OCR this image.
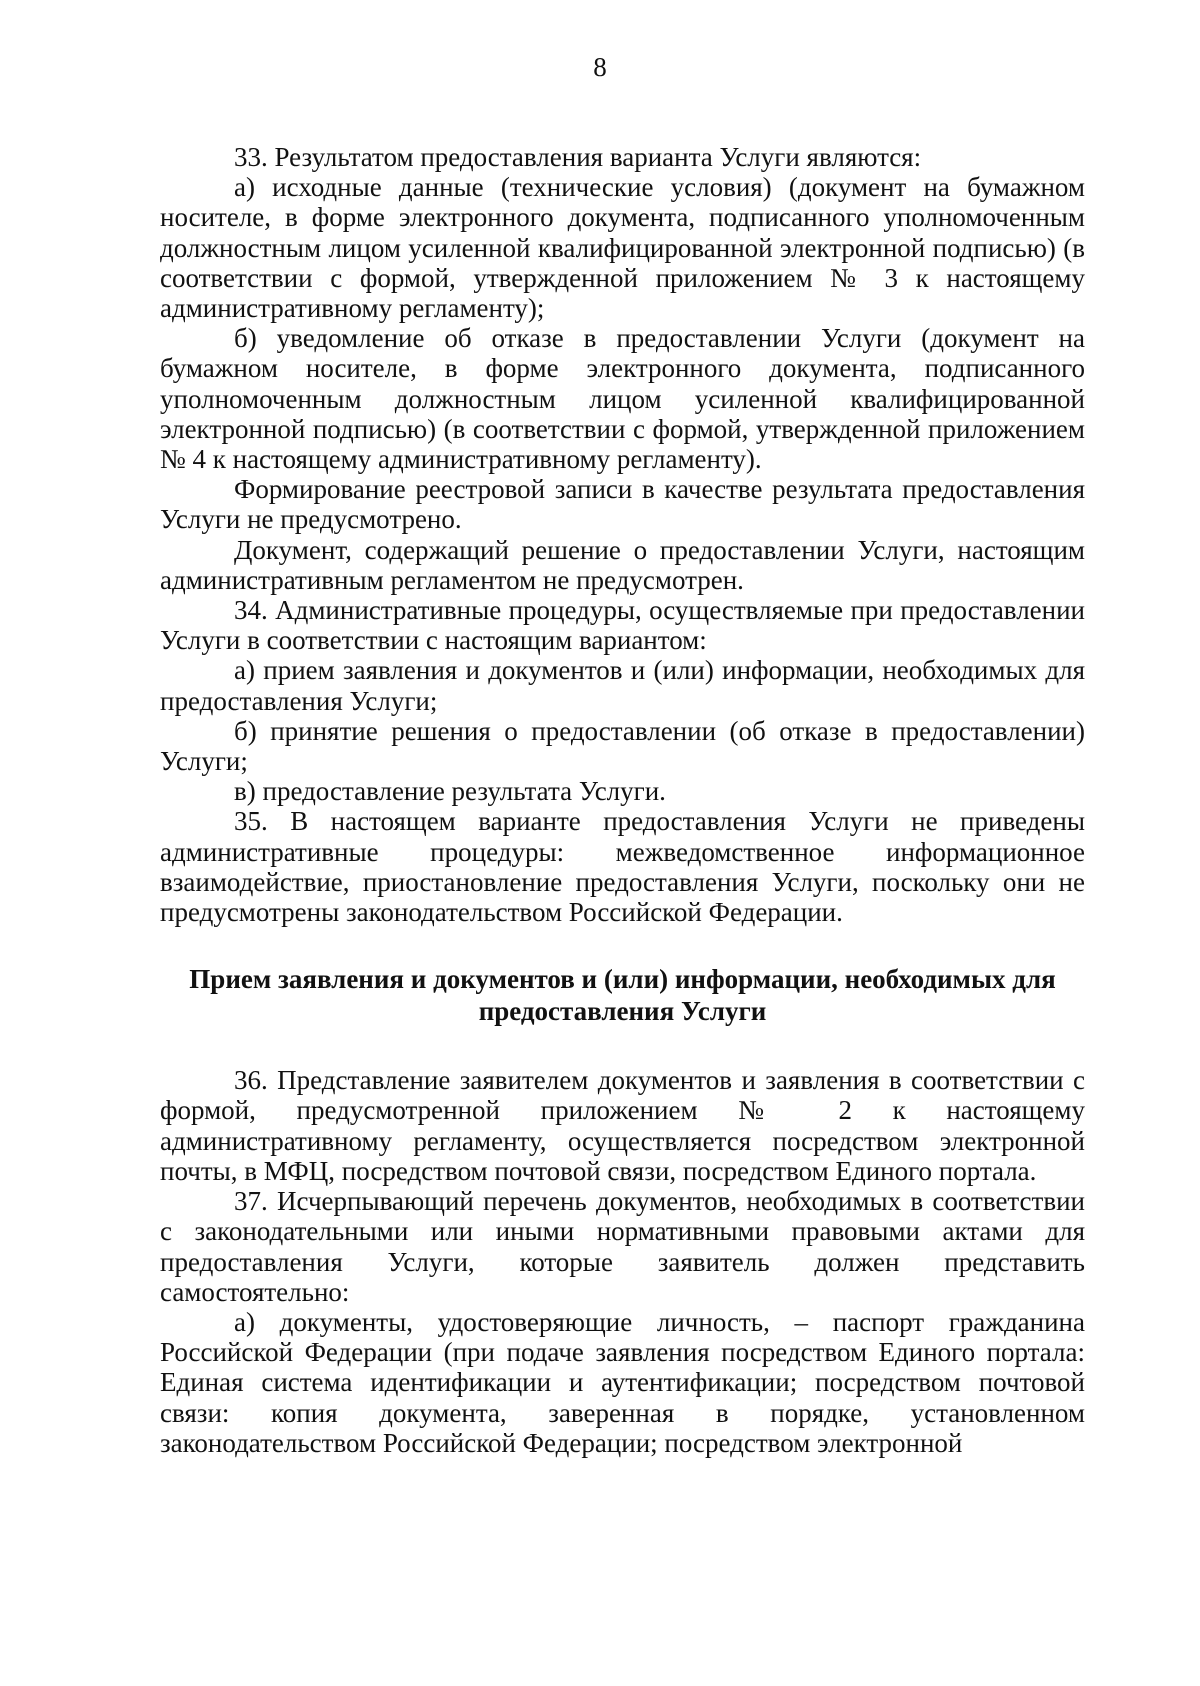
8

33. Результатом предоставления варианта Услуги являются:

а) исходные данные (технические условия) (документ на бумажном носителе, в форме электронного документа, подписанного уполномоченным должностным лицом усиленной квалифицированной электронной подписью) (в соответствии с формой, утвержденной приложением № 3 к настоящему административному регламенту);

б) уведомление об отказе в предоставлении Услуги (документ на бумажном носителе, в форме электронного документа, подписанного уполномоченным должностным лицом усиленной квалифицированной электронной подписью) (в соответствии с формой, утвержденной приложением № 4 к настоящему административному регламенту).

Формирование реестровой записи в качестве результата предоставления Услуги не предусмотрено.

Документ, содержащий решение о предоставлении Услуги, настоящим административным регламентом не предусмотрен.

34. Административные процедуры, осуществляемые при предоставлении Услуги в соответствии с настоящим вариантом:

а) прием заявления и документов и (или) информации, необходимых для предоставления Услуги;

б) принятие решения о предоставлении (об отказе в предоставлении) Услуги;

в) предоставление результата Услуги.

35. В настоящем варианте предоставления Услуги не приведены административные процедуры: межведомственное информационное взаимодействие, приостановление предоставления Услуги, поскольку они не предусмотрены законодательством Российской Федерации.

Прием заявления и документов и (или) информации, необходимых для предоставления Услуги

36. Представление заявителем документов и заявления в соответствии с формой, предусмотренной приложением № 2 к настоящему административному регламенту, осуществляется посредством электронной почты, в МФЦ, посредством почтовой связи, посредством Единого портала.

37. Исчерпывающий перечень документов, необходимых в соответствии с законодательными или иными нормативными правовыми актами для предоставления Услуги, которые заявитель должен представить самостоятельно:

а) документы, удостоверяющие личность, – паспорт гражданина Российской Федерации (при подаче заявления посредством Единого портала: Единая система идентификации и аутентификации; посредством почтовой связи: копия документа, заверенная в порядке, установленном законодательством Российской Федерации; посредством электронной
